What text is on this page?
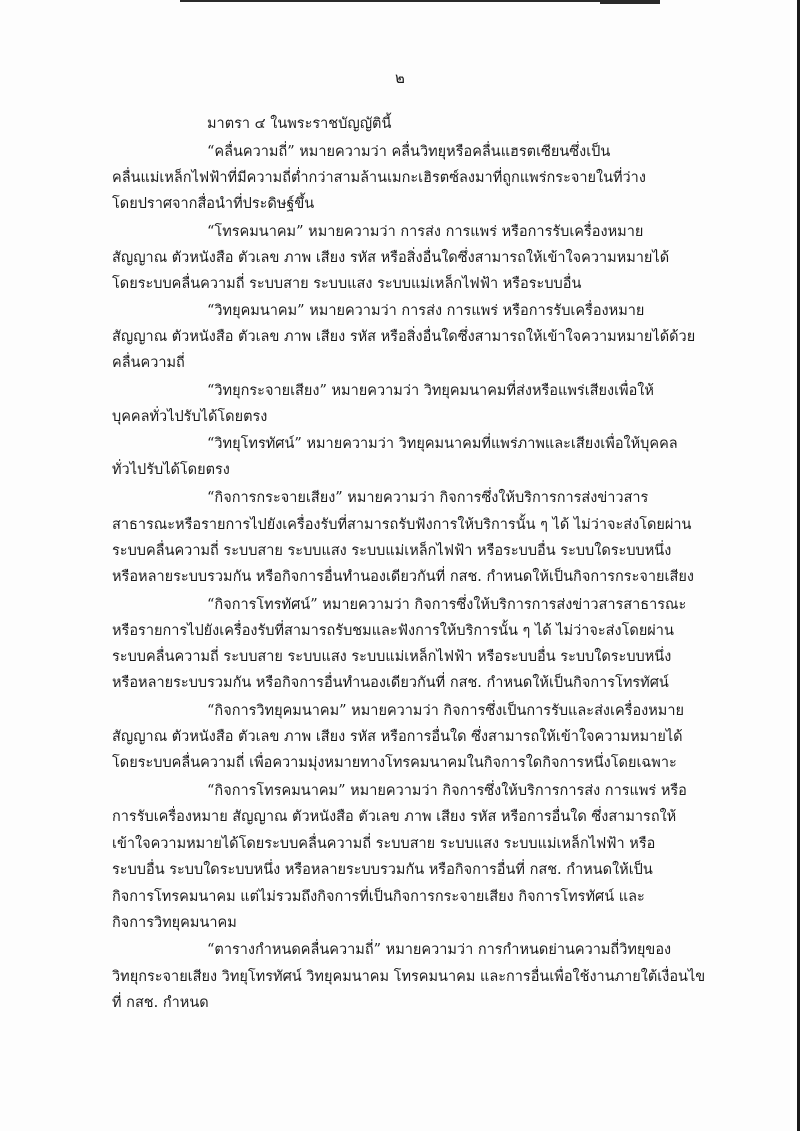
๒
มาตรา ๔ ในพระราชบัญญัตินี้
“คลื่นความถี่” หมายความว่า คลื่นวิทยุหรือคลื่นแฮรตเซียนซึ่งเป็น
คลื่นแม่เหล็กไฟฟ้าที่มีความถี่ต่ำกว่าสามล้านเมกะเฮิรตซ์ลงมาที่ถูกแพร่กระจายในที่ว่าง
โดยปราศจากสื่อนำที่ประดิษฐ์ขึ้น
“โทรคมนาคม” หมายความว่า การส่ง การแพร่ หรือการรับเครื่องหมาย
สัญญาณ ตัวหนังสือ ตัวเลข ภาพ เสียง รหัส หรือสิ่งอื่นใดซึ่งสามารถให้เข้าใจความหมายได้
โดยระบบคลื่นความถี่ ระบบสาย ระบบแสง ระบบแม่เหล็กไฟฟ้า หรือระบบอื่น
“วิทยุคมนาคม” หมายความว่า การส่ง การแพร่ หรือการรับเครื่องหมาย
สัญญาณ ตัวหนังสือ ตัวเลข ภาพ เสียง รหัส หรือสิ่งอื่นใดซึ่งสามารถให้เข้าใจความหมายได้ด้วย
คลื่นความถี่
“วิทยุกระจายเสียง” หมายความว่า วิทยุคมนาคมที่ส่งหรือแพร่เสียงเพื่อให้
บุคคลทั่วไปรับได้โดยตรง
“วิทยุโทรทัศน์” หมายความว่า วิทยุคมนาคมที่แพร่ภาพและเสียงเพื่อให้บุคคล
ทั่วไปรับได้โดยตรง
“กิจการกระจายเสียง” หมายความว่า กิจการซึ่งให้บริการการส่งข่าวสาร
สาธารณะหรือรายการไปยังเครื่องรับที่สามารถรับฟังการให้บริการนั้น ๆ ได้ ไม่ว่าจะส่งโดยผ่าน
ระบบคลื่นความถี่ ระบบสาย ระบบแสง ระบบแม่เหล็กไฟฟ้า หรือระบบอื่น ระบบใดระบบหนึ่ง
หรือหลายระบบรวมกัน หรือกิจการอื่นทำนองเดียวกันที่ กสช. กำหนดให้เป็นกิจการกระจายเสียง
“กิจการโทรทัศน์” หมายความว่า กิจการซึ่งให้บริการการส่งข่าวสารสาธารณะ
หรือรายการไปยังเครื่องรับที่สามารถรับชมและฟังการให้บริการนั้น ๆ ได้ ไม่ว่าจะส่งโดยผ่าน
ระบบคลื่นความถี่ ระบบสาย ระบบแสง ระบบแม่เหล็กไฟฟ้า หรือระบบอื่น ระบบใดระบบหนึ่ง
หรือหลายระบบรวมกัน หรือกิจการอื่นทำนองเดียวกันที่ กสช. กำหนดให้เป็นกิจการโทรทัศน์
“กิจการวิทยุคมนาคม” หมายความว่า กิจการซึ่งเป็นการรับและส่งเครื่องหมาย
สัญญาณ ตัวหนังสือ ตัวเลข ภาพ เสียง รหัส หรือการอื่นใด ซึ่งสามารถให้เข้าใจความหมายได้
โดยระบบคลื่นความถี่ เพื่อความมุ่งหมายทางโทรคมนาคมในกิจการใดกิจการหนึ่งโดยเฉพาะ
“กิจการโทรคมนาคม” หมายความว่า กิจการซึ่งให้บริการการส่ง การแพร่ หรือ
การรับเครื่องหมาย สัญญาณ ตัวหนังสือ ตัวเลข ภาพ เสียง รหัส หรือการอื่นใด ซึ่งสามารถให้
เข้าใจความหมายได้โดยระบบคลื่นความถี่ ระบบสาย ระบบแสง ระบบแม่เหล็กไฟฟ้า หรือ
ระบบอื่น ระบบใดระบบหนึ่ง หรือหลายระบบรวมกัน หรือกิจการอื่นที่ กสช. กำหนดให้เป็น
กิจการโทรคมนาคม แต่ไม่รวมถึงกิจการที่เป็นกิจการกระจายเสียง กิจการโทรทัศน์ และ
กิจการวิทยุคมนาคม
“ตารางกำหนดคลื่นความถี่” หมายความว่า การกำหนดย่านความถี่วิทยุของ
วิทยุกระจายเสียง วิทยุโทรทัศน์ วิทยุคมนาคม โทรคมนาคม และการอื่นเพื่อใช้งานภายใต้เงื่อนไข
ที่ กสช. กำหนด
